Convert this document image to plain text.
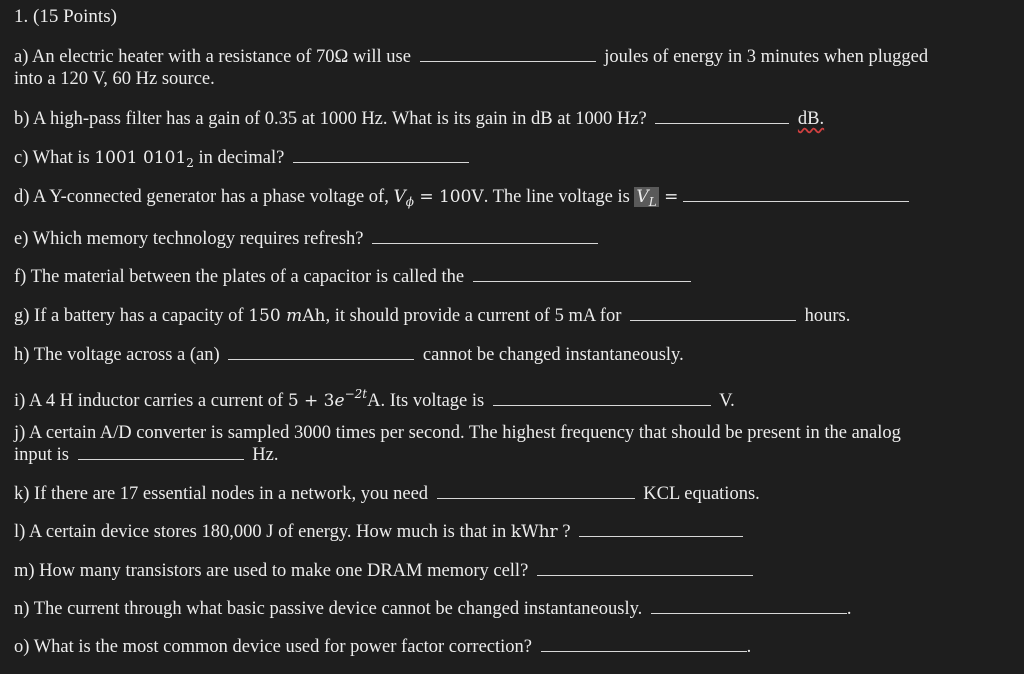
1. (15 Points)
a) An electric heater with a resistance of 70Ω will use	joules of energy in 3 minutes when plugged
into a 120 V, 60 Hz source.
b) A high-pass filter has a gain of 0.35 at 1000 Hz. What is its gain in dB at 1000 Hz?	dB.
c) What is 1001 $0101_2$ in decimal?
d) A Y-connected generator has a phase voltage of, $V_\phi = 100V$. The line voltage is $V_L$ =
e) Which memory technology requires refresh?
f) The material between the plates of a capacitor is called the
g) If a battery has a capacity of 150 mAh, it should provide a current of 5 mA for	hours.
h) The voltage across a (an)	cannot be changed instantaneously.
i) A 4 H inductor carries a current of $5 + 3e^{-2t}A$. Its voltage is	V.
j) A certain A/D converter is sampled 3000 times per second. The highest frequency that should be present in the analog
input is	Hz.
k) If there are 17 essential nodes in a network, you need	KCL equations.
l) A certain device stores 180,000 J of energy. How much is that in kWhr ?
m) How many transistors are used to make one DRAM memory cell?
n) The current through what basic passive device cannot be changed instantaneously.	.
o) What is the most common device used for power factor correction?	.
